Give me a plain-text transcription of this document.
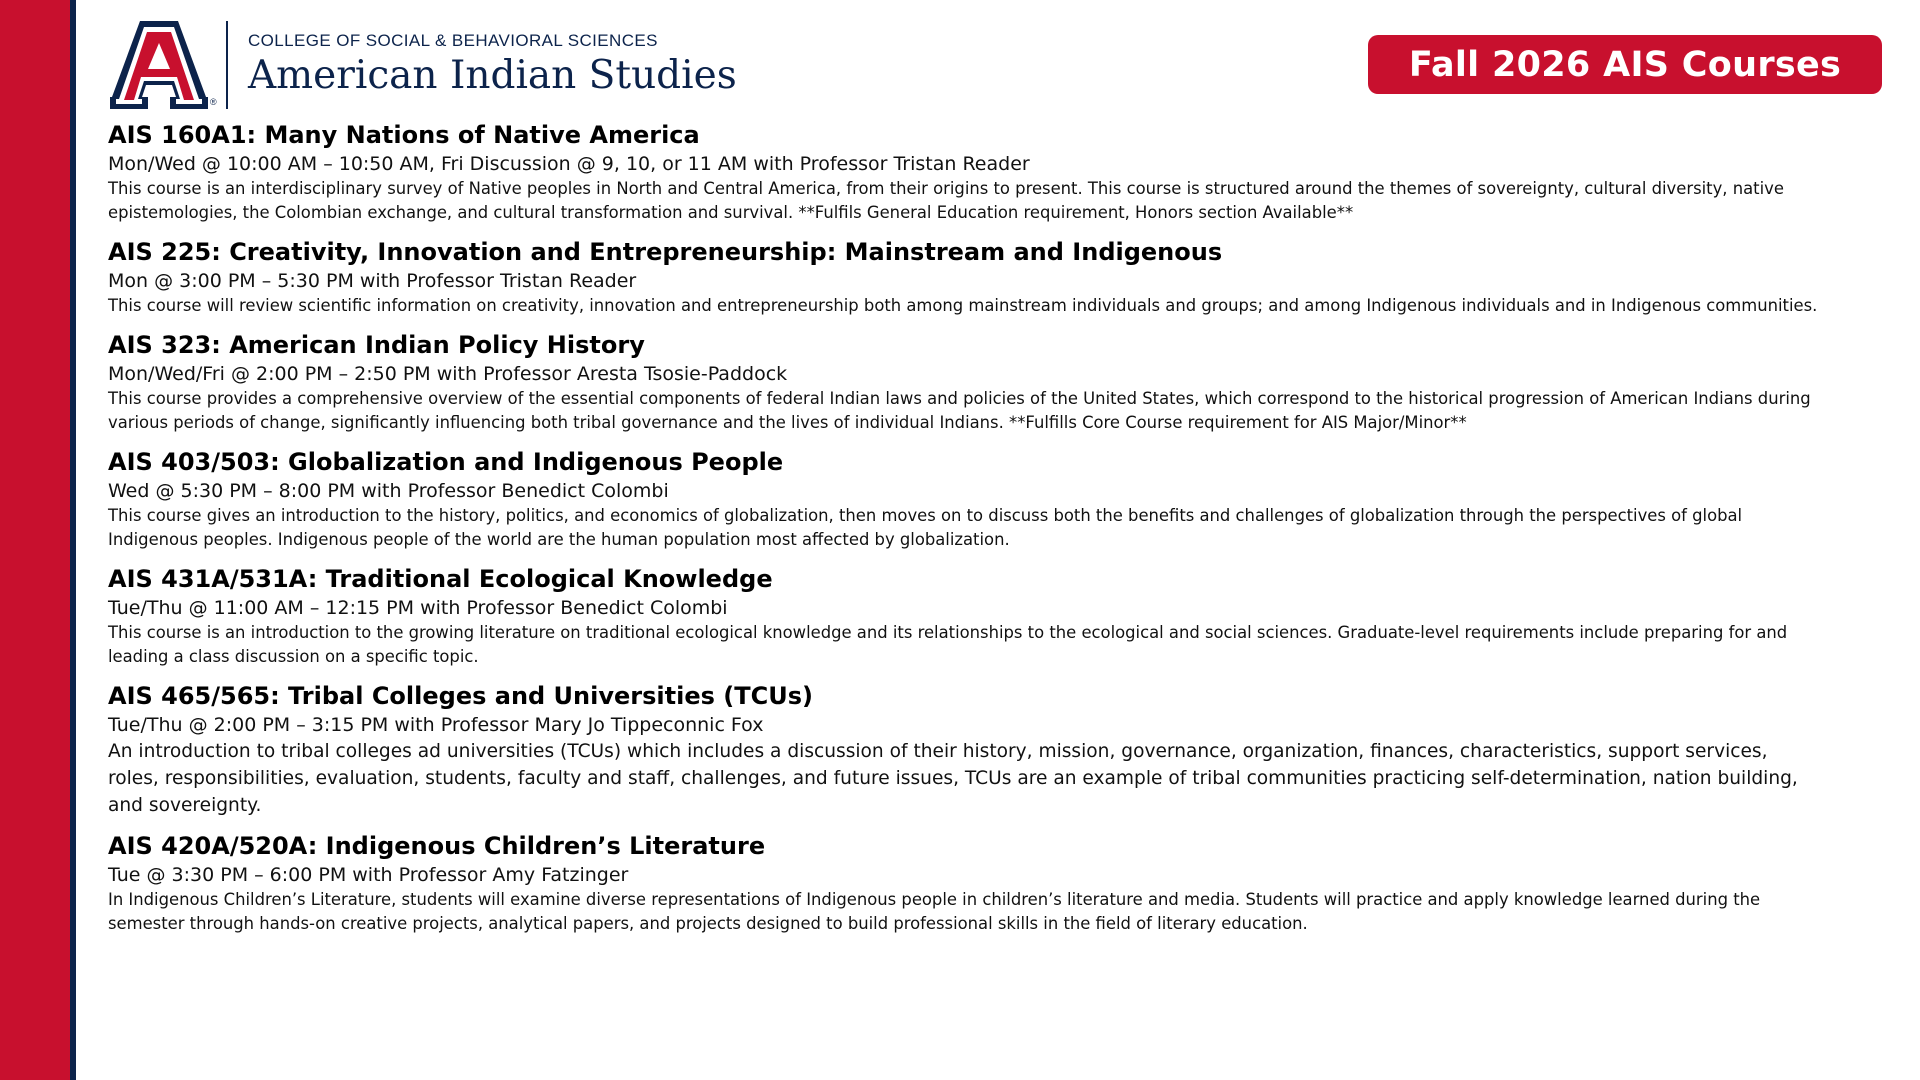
®
COLLEGE OF SOCIAL & BEHAVIORAL SCIENCES
American Indian Studies	Fall 2026 AIS Courses
AIS 160A1: Many Nations of Native America
Mon/Wed @ 10:00 AM – 10:50 AM, Fri Discussion @ 9, 10, or 11 AM with Professor Tristan Reader
This course is an interdisciplinary survey of Native peoples in North and Central America, from their origins to present. This course is structured around the themes of sovereignty, cultural diversity, native epistemologies, the Colombian exchange, and cultural transformation and survival. **Fulfils General Education requirement, Honors section Available**
AIS 225: Creativity, Innovation and Entrepreneurship: Mainstream and Indigenous
Mon @ 3:00 PM – 5:30 PM with Professor Tristan Reader
This course will review scientific information on creativity, innovation and entrepreneurship both among mainstream individuals and groups; and among Indigenous individuals and in Indigenous communities.
AIS 323: American Indian Policy History
Mon/Wed/Fri @ 2:00 PM – 2:50 PM with Professor Aresta Tsosie-Paddock
This course provides a comprehensive overview of the essential components of federal Indian laws and policies of the United States, which correspond to the historical progression of American Indians during various periods of change, significantly influencing both tribal governance and the lives of individual Indians. **Fulfills Core Course requirement for AIS Major/Minor**
AIS 403/503: Globalization and Indigenous People
Wed @ 5:30 PM – 8:00 PM with Professor Benedict Colombi
This course gives an introduction to the history, politics, and economics of globalization, then moves on to discuss both the benefits and challenges of globalization through the perspectives of global Indigenous peoples. Indigenous people of the world are the human population most affected by globalization.
AIS 431A/531A: Traditional Ecological Knowledge
Tue/Thu @ 11:00 AM – 12:15 PM with Professor Benedict Colombi
This course is an introduction to the growing literature on traditional ecological knowledge and its relationships to the ecological and social sciences. Graduate-level requirements include preparing for and leading a class discussion on a specific topic.
AIS 465/565: Tribal Colleges and Universities (TCUs)
Tue/Thu @ 2:00 PM – 3:15 PM with Professor Mary Jo Tippeconnic Fox
An introduction to tribal colleges ad universities (TCUs) which includes a discussion of their history, mission, governance, organization, finances, characteristics, support services, roles, responsibilities, evaluation, students, faculty and staff, challenges, and future issues, TCUs are an example of tribal communities practicing self-determination, nation building, and sovereignty.
AIS 420A/520A: Indigenous Children’s Literature
Tue @ 3:30 PM – 6:00 PM with Professor Amy Fatzinger
In Indigenous Children’s Literature, students will examine diverse representations of Indigenous people in children’s literature and media. Students will practice and apply knowledge learned during the semester through hands-on creative projects, analytical papers, and projects designed to build professional skills in the field of literary education.
